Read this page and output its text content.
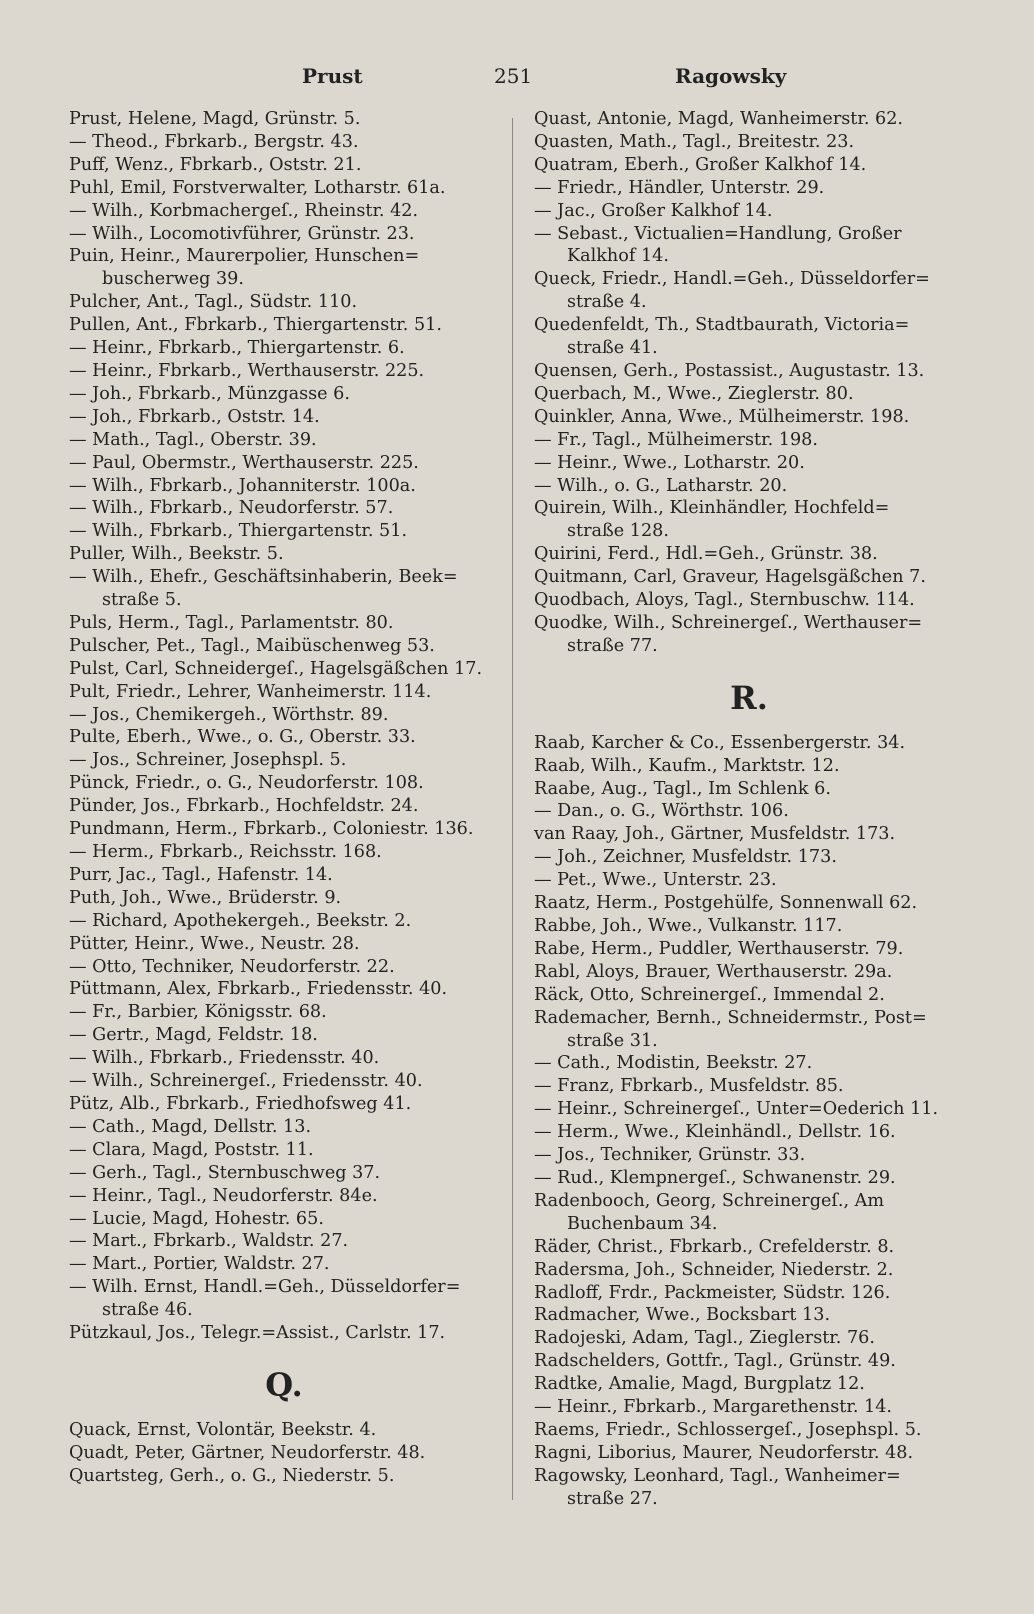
Prust	251	Ragowsky
Prust, Helene, Magd, Grünstr. 5.
— Theod., Fbrkarb., Bergstr. 43.
Puff, Wenz., Fbrkarb., Oststr. 21.
Puhl, Emil, Forstverwalter, Lotharstr. 61a.
— Wilh., Korbmachergeſ., Rheinstr. 42.
— Wilh., Locomotivführer, Grünstr. 23.
Puin, Heinr., Maurerpolier, Hunschen=
buscherweg 39.
Pulcher, Ant., Tagl., Südstr. 110.
Pullen, Ant., Fbrkarb., Thiergartenstr. 51.
— Heinr., Fbrkarb., Thiergartenstr. 6.
— Heinr., Fbrkarb., Werthauserstr. 225.
— Joh., Fbrkarb., Münzgasse 6.
— Joh., Fbrkarb., Oststr. 14.
— Math., Tagl., Oberstr. 39.
— Paul, Obermstr., Werthauserstr. 225.
— Wilh., Fbrkarb., Johanniterstr. 100a.
— Wilh., Fbrkarb., Neudorferstr. 57.
— Wilh., Fbrkarb., Thiergartenstr. 51.
Puller, Wilh., Beekstr. 5.
— Wilh., Ehefr., Geschäftsinhaberin, Beek=
straße 5.
Puls, Herm., Tagl., Parlamentstr. 80.
Pulscher, Pet., Tagl., Maibüschenweg 53.
Pulst, Carl, Schneidergeſ., Hagelsgäßchen 17.
Pult, Friedr., Lehrer, Wanheimerstr. 114.
— Jos., Chemikergeh., Wörthstr. 89.
Pulte, Eberh., Wwe., o. G., Oberstr. 33.
— Jos., Schreiner, Josephspl. 5.
Pünck, Friedr., o. G., Neudorferstr. 108.
Pünder, Jos., Fbrkarb., Hochfeldstr. 24.
Pundmann, Herm., Fbrkarb., Coloniestr. 136.
— Herm., Fbrkarb., Reichsstr. 168.
Purr, Jac., Tagl., Hafenstr. 14.
Puth, Joh., Wwe., Brüderstr. 9.
— Richard, Apothekergeh., Beekstr. 2.
Pütter, Heinr., Wwe., Neustr. 28.
— Otto, Techniker, Neudorferstr. 22.
Püttmann, Alex, Fbrkarb., Friedensstr. 40.
— Fr., Barbier, Königsstr. 68.
— Gertr., Magd, Feldstr. 18.
— Wilh., Fbrkarb., Friedensstr. 40.
— Wilh., Schreinergeſ., Friedensstr. 40.
Pütz, Alb., Fbrkarb., Friedhofsweg 41.
— Cath., Magd, Dellstr. 13.
— Clara, Magd, Poststr. 11.
— Gerh., Tagl., Sternbuschweg 37.
— Heinr., Tagl., Neudorferstr. 84e.
— Lucie, Magd, Hohestr. 65.
— Mart., Fbrkarb., Waldstr. 27.
— Mart., Portier, Waldstr. 27.
— Wilh. Ernst, Handl.=Geh., Düsseldorfer=
straße 46.
Pützkaul, Jos., Telegr.=Assist., Carlstr. 17.
Q.
Quack, Ernst, Volontär, Beekstr. 4.
Quadt, Peter, Gärtner, Neudorferstr. 48.
Quartsteg, Gerh., o. G., Niederstr. 5.
Quast, Antonie, Magd, Wanheimerstr. 62.
Quasten, Math., Tagl., Breitestr. 23.
Quatram, Eberh., Großer Kalkhof 14.
— Friedr., Händler, Unterstr. 29.
— Jac., Großer Kalkhof 14.
— Sebast., Victualien=Handlung, Großer
Kalkhof 14.
Queck, Friedr., Handl.=Geh., Düsseldorfer=
straße 4.
Quedenfeldt, Th., Stadtbaurath, Victoria=
straße 41.
Quensen, Gerh., Postassist., Augustastr. 13.
Querbach, M., Wwe., Zieglerstr. 80.
Quinkler, Anna, Wwe., Mülheimerstr. 198.
— Fr., Tagl., Mülheimerstr. 198.
— Heinr., Wwe., Lotharstr. 20.
— Wilh., o. G., Latharstr. 20.
Quirein, Wilh., Kleinhändler, Hochfeld=
straße 128.
Quirini, Ferd., Hdl.=Geh., Grünstr. 38.
Quitmann, Carl, Graveur, Hagelsgäßchen 7.
Quodbach, Aloys, Tagl., Sternbuschw. 114.
Quodke, Wilh., Schreinergeſ., Werthauser=
straße 77.
R.
Raab, Karcher & Co., Essenbergerstr. 34.
Raab, Wilh., Kaufm., Marktstr. 12.
Raabe, Aug., Tagl., Im Schlenk 6.
— Dan., o. G., Wörthstr. 106.
van Raay, Joh., Gärtner, Musfeldstr. 173.
— Joh., Zeichner, Musfeldstr. 173.
— Pet., Wwe., Unterstr. 23.
Raatz, Herm., Postgehülfe, Sonnenwall 62.
Rabbe, Joh., Wwe., Vulkanstr. 117.
Rabe, Herm., Puddler, Werthauserstr. 79.
Rabl, Aloys, Brauer, Werthauserstr. 29a.
Räck, Otto, Schreinergeſ., Immendal 2.
Rademacher, Bernh., Schneidermstr., Post=
straße 31.
— Cath., Modistin, Beekstr. 27.
— Franz, Fbrkarb., Musfeldstr. 85.
— Heinr., Schreinergeſ., Unter=Oederich 11.
— Herm., Wwe., Kleinhändl., Dellstr. 16.
— Jos., Techniker, Grünstr. 33.
— Rud., Klempnergeſ., Schwanenstr. 29.
Radenbooch, Georg, Schreinergeſ., Am
Buchenbaum 34.
Räder, Christ., Fbrkarb., Crefelderstr. 8.
Radersma, Joh., Schneider, Niederstr. 2.
Radloff, Frdr., Packmeister, Südstr. 126.
Radmacher, Wwe., Bocksbart 13.
Radojeski, Adam, Tagl., Zieglerstr. 76.
Radschelders, Gottfr., Tagl., Grünstr. 49.
Radtke, Amalie, Magd, Burgplatz 12.
— Heinr., Fbrkarb., Margarethenstr. 14.
Raems, Friedr., Schlossergeſ., Josephspl. 5.
Ragni, Liborius, Maurer, Neudorferstr. 48.
Ragowsky, Leonhard, Tagl., Wanheimer=
straße 27.
